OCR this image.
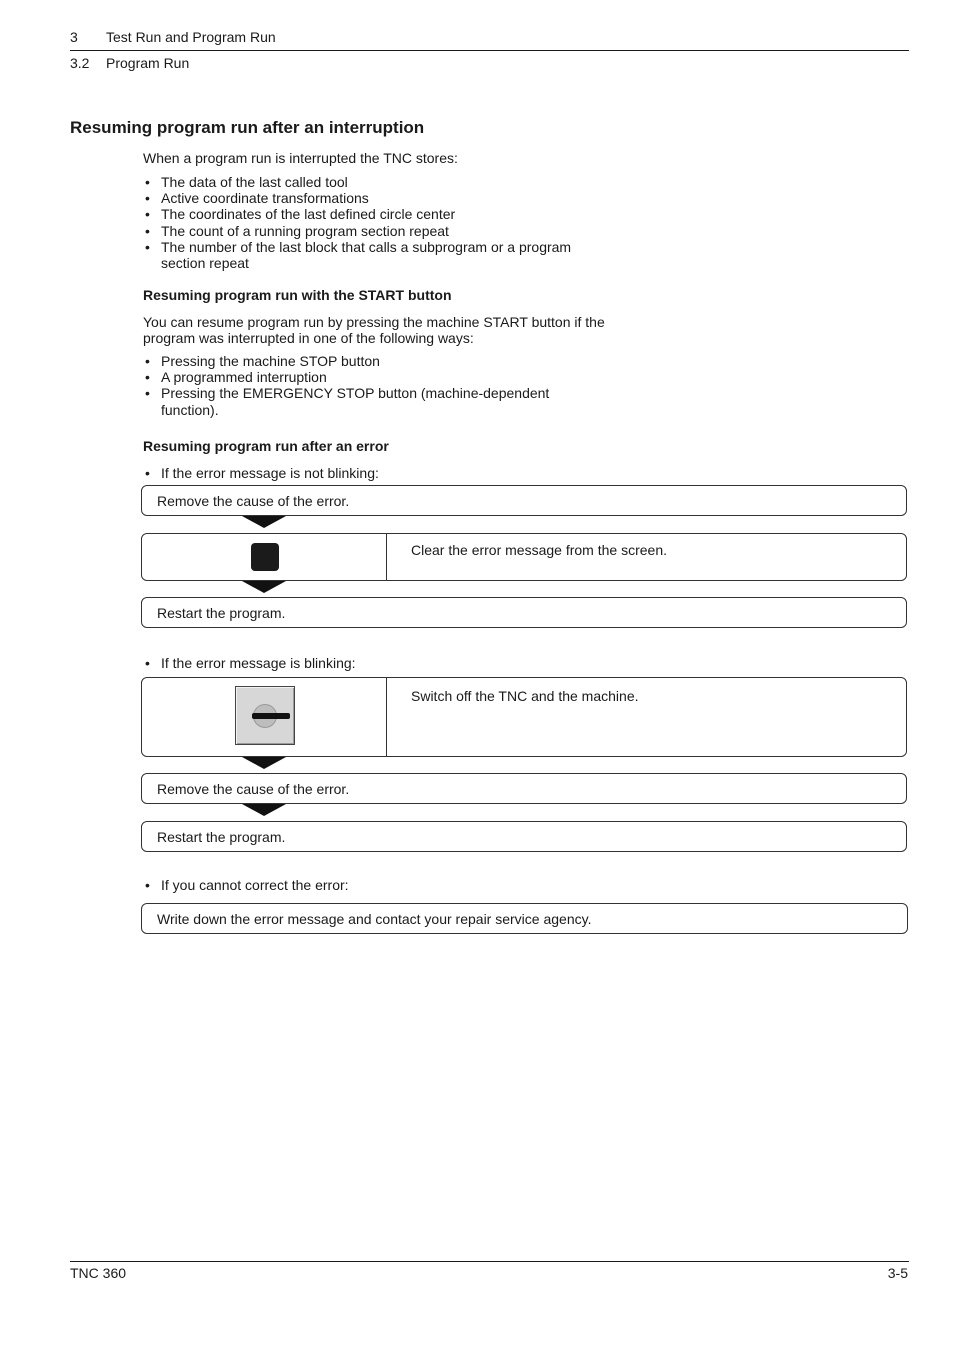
3 Test Run and Program Run
3.2 Program Run
Resuming program run after an interruption
When a program run is interrupted the TNC stores:
• The data of the last called tool
• Active coordinate transformations
• The coordinates of the last defined circle center
• The count of a running program section repeat
• The number of the last block that calls a subprogram or a program section repeat
Resuming program run with the START button
You can resume program run by pressing the machine START button if the program was interrupted in one of the following ways:
• Pressing the machine STOP button
• A programmed interruption
• Pressing the EMERGENCY STOP button (machine-dependent function).
Resuming program run after an error
• If the error message is not blinking:
Remove the cause of the error.
Clear the error message from the screen.
Restart the program.
• If the error message is blinking:
Switch off the TNC and the machine.
Remove the cause of the error.
Restart the program.
• If you cannot correct the error:
Write down the error message and contact your repair service agency.
TNC 360	3-5
